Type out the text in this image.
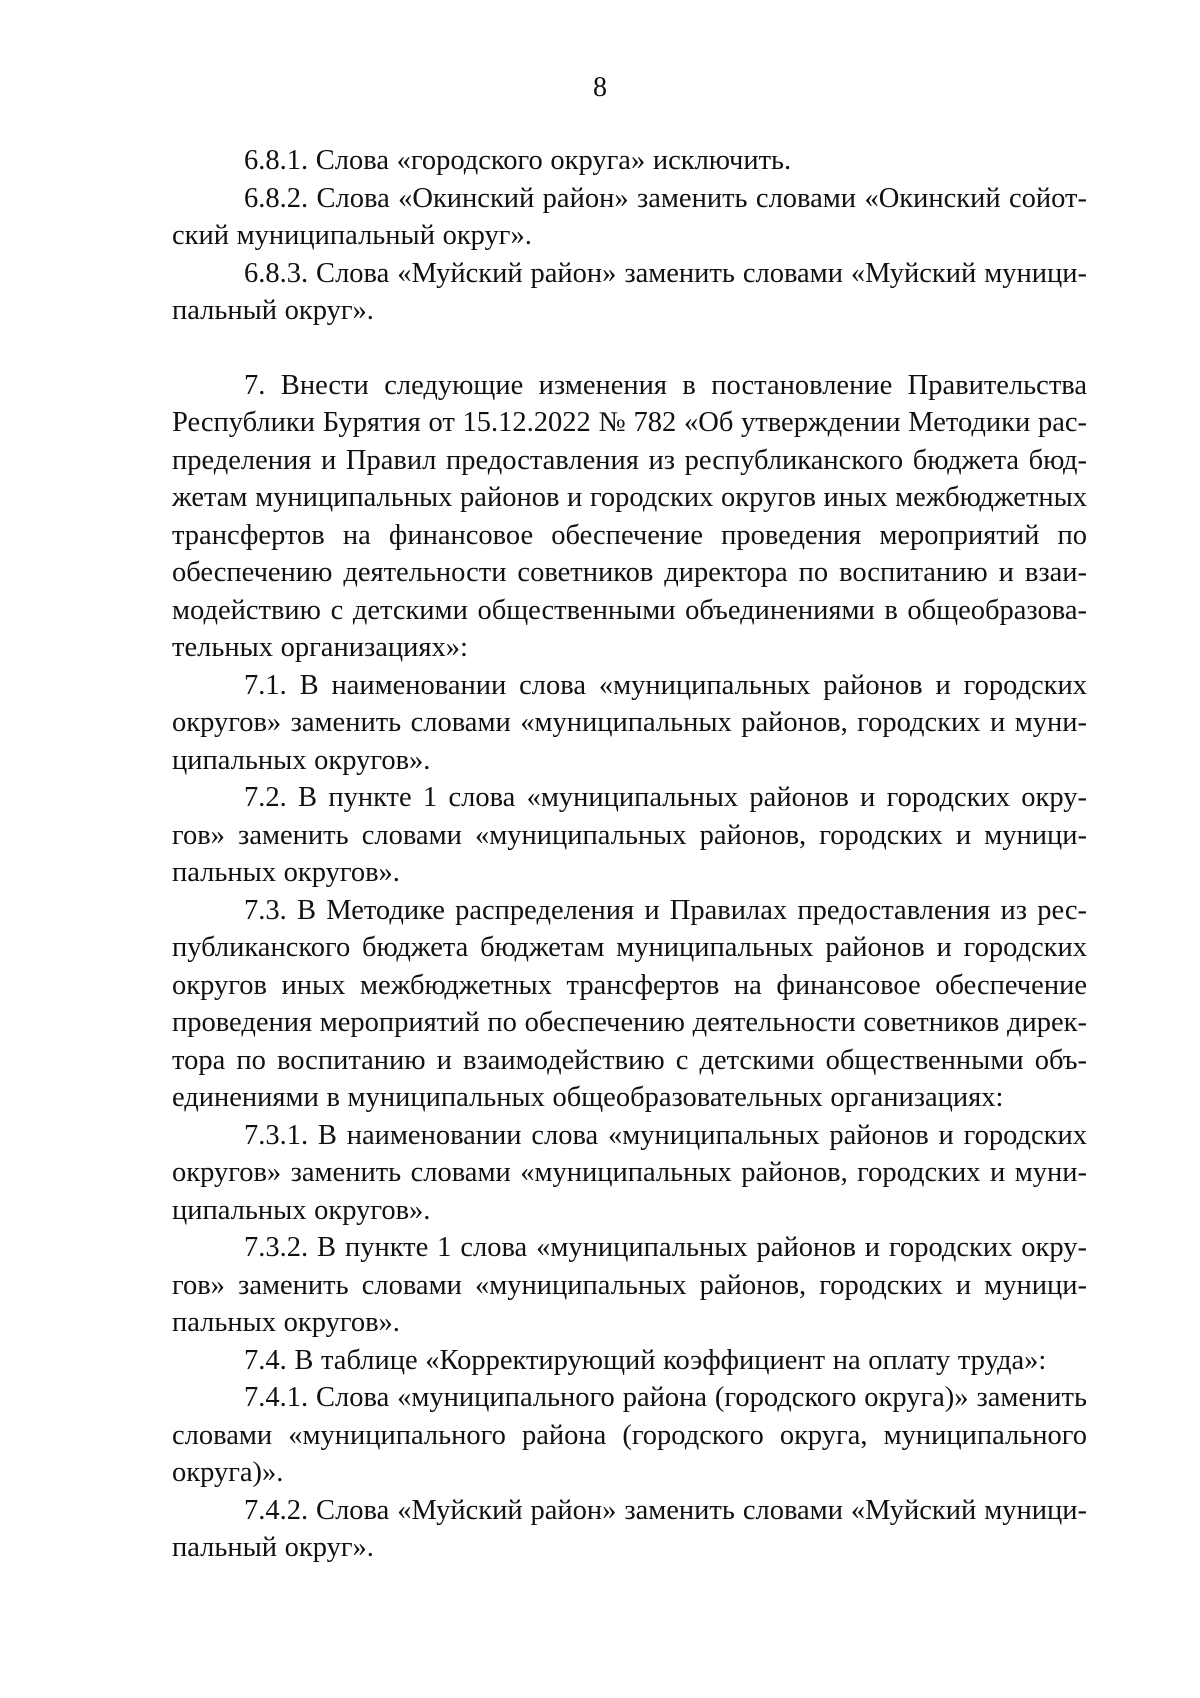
8

6.8.1. Слова «городского округа» исключить.

6.8.2. Слова «Окинский район» заменить словами «Окинский сойотский муниципальный округ».

6.8.3. Слова «Муйский район» заменить словами «Муйский муниципальный округ».

7. Внести следующие изменения в постановление Правительства Республики Бурятия от 15.12.2022 № 782 «Об утверждении Методики распределения и Правил предоставления из республиканского бюджета бюджетам муниципальных районов и городских округов иных межбюджетных трансфертов на финансовое обеспечение проведения мероприятий по обеспечению деятельности советников директора по воспитанию и взаимодействию с детскими общественными объединениями в общеобразовательных организациях»:

7.1. В наименовании слова «муниципальных районов и городских округов» заменить словами «муниципальных районов, городских и муниципальных округов».

7.2. В пункте 1 слова «муниципальных районов и городских округов» заменить словами «муниципальных районов, городских и муниципальных округов».

7.3. В Методике распределения и Правилах предоставления из республиканского бюджета бюджетам муниципальных районов и городских округов иных межбюджетных трансфертов на финансовое обеспечение проведения мероприятий по обеспечению деятельности советников директора по воспитанию и взаимодействию с детскими общественными объединениями в муниципальных общеобразовательных организациях:

7.3.1. В наименовании слова «муниципальных районов и городских округов» заменить словами «муниципальных районов, городских и муниципальных округов».

7.3.2. В пункте 1 слова «муниципальных районов и городских округов» заменить словами «муниципальных районов, городских и муниципальных округов».

7.4. В таблице «Корректирующий коэффициент на оплату труда»:

7.4.1. Слова «муниципального района (городского округа)» заменить словами «муниципального района (городского округа, муниципального округа)».

7.4.2. Слова «Муйский район» заменить словами «Муйский муниципальный округ».
